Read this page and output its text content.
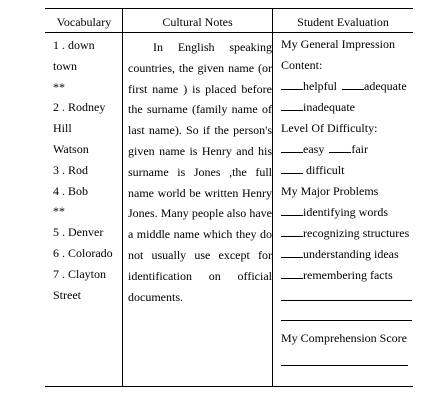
Vocabulary	Cultural Notes	Student Evaluation
1 . down
town
**
2 . Rodney
Hill
Watson
3 . Rod
4 . Bob
**
5 . Denver
6 . Colorado
7 . Clayton
Street
In English speaking countries, the given name (or first name ) is placed before the surname (family name of last name). So if the person's given name is Henry and his surname is Jones ,the full name world be written Henry Jones. Many people also have a middle name which they do not usually use except for identification on official documents.
My General Impression
Content:
helpful adequate
inadequate
Level Of Difficulty:
easy fair
difficult
My Major Problems
identifying words
recognizing structures
understanding ideas
remembering facts
My Comprehension Score
